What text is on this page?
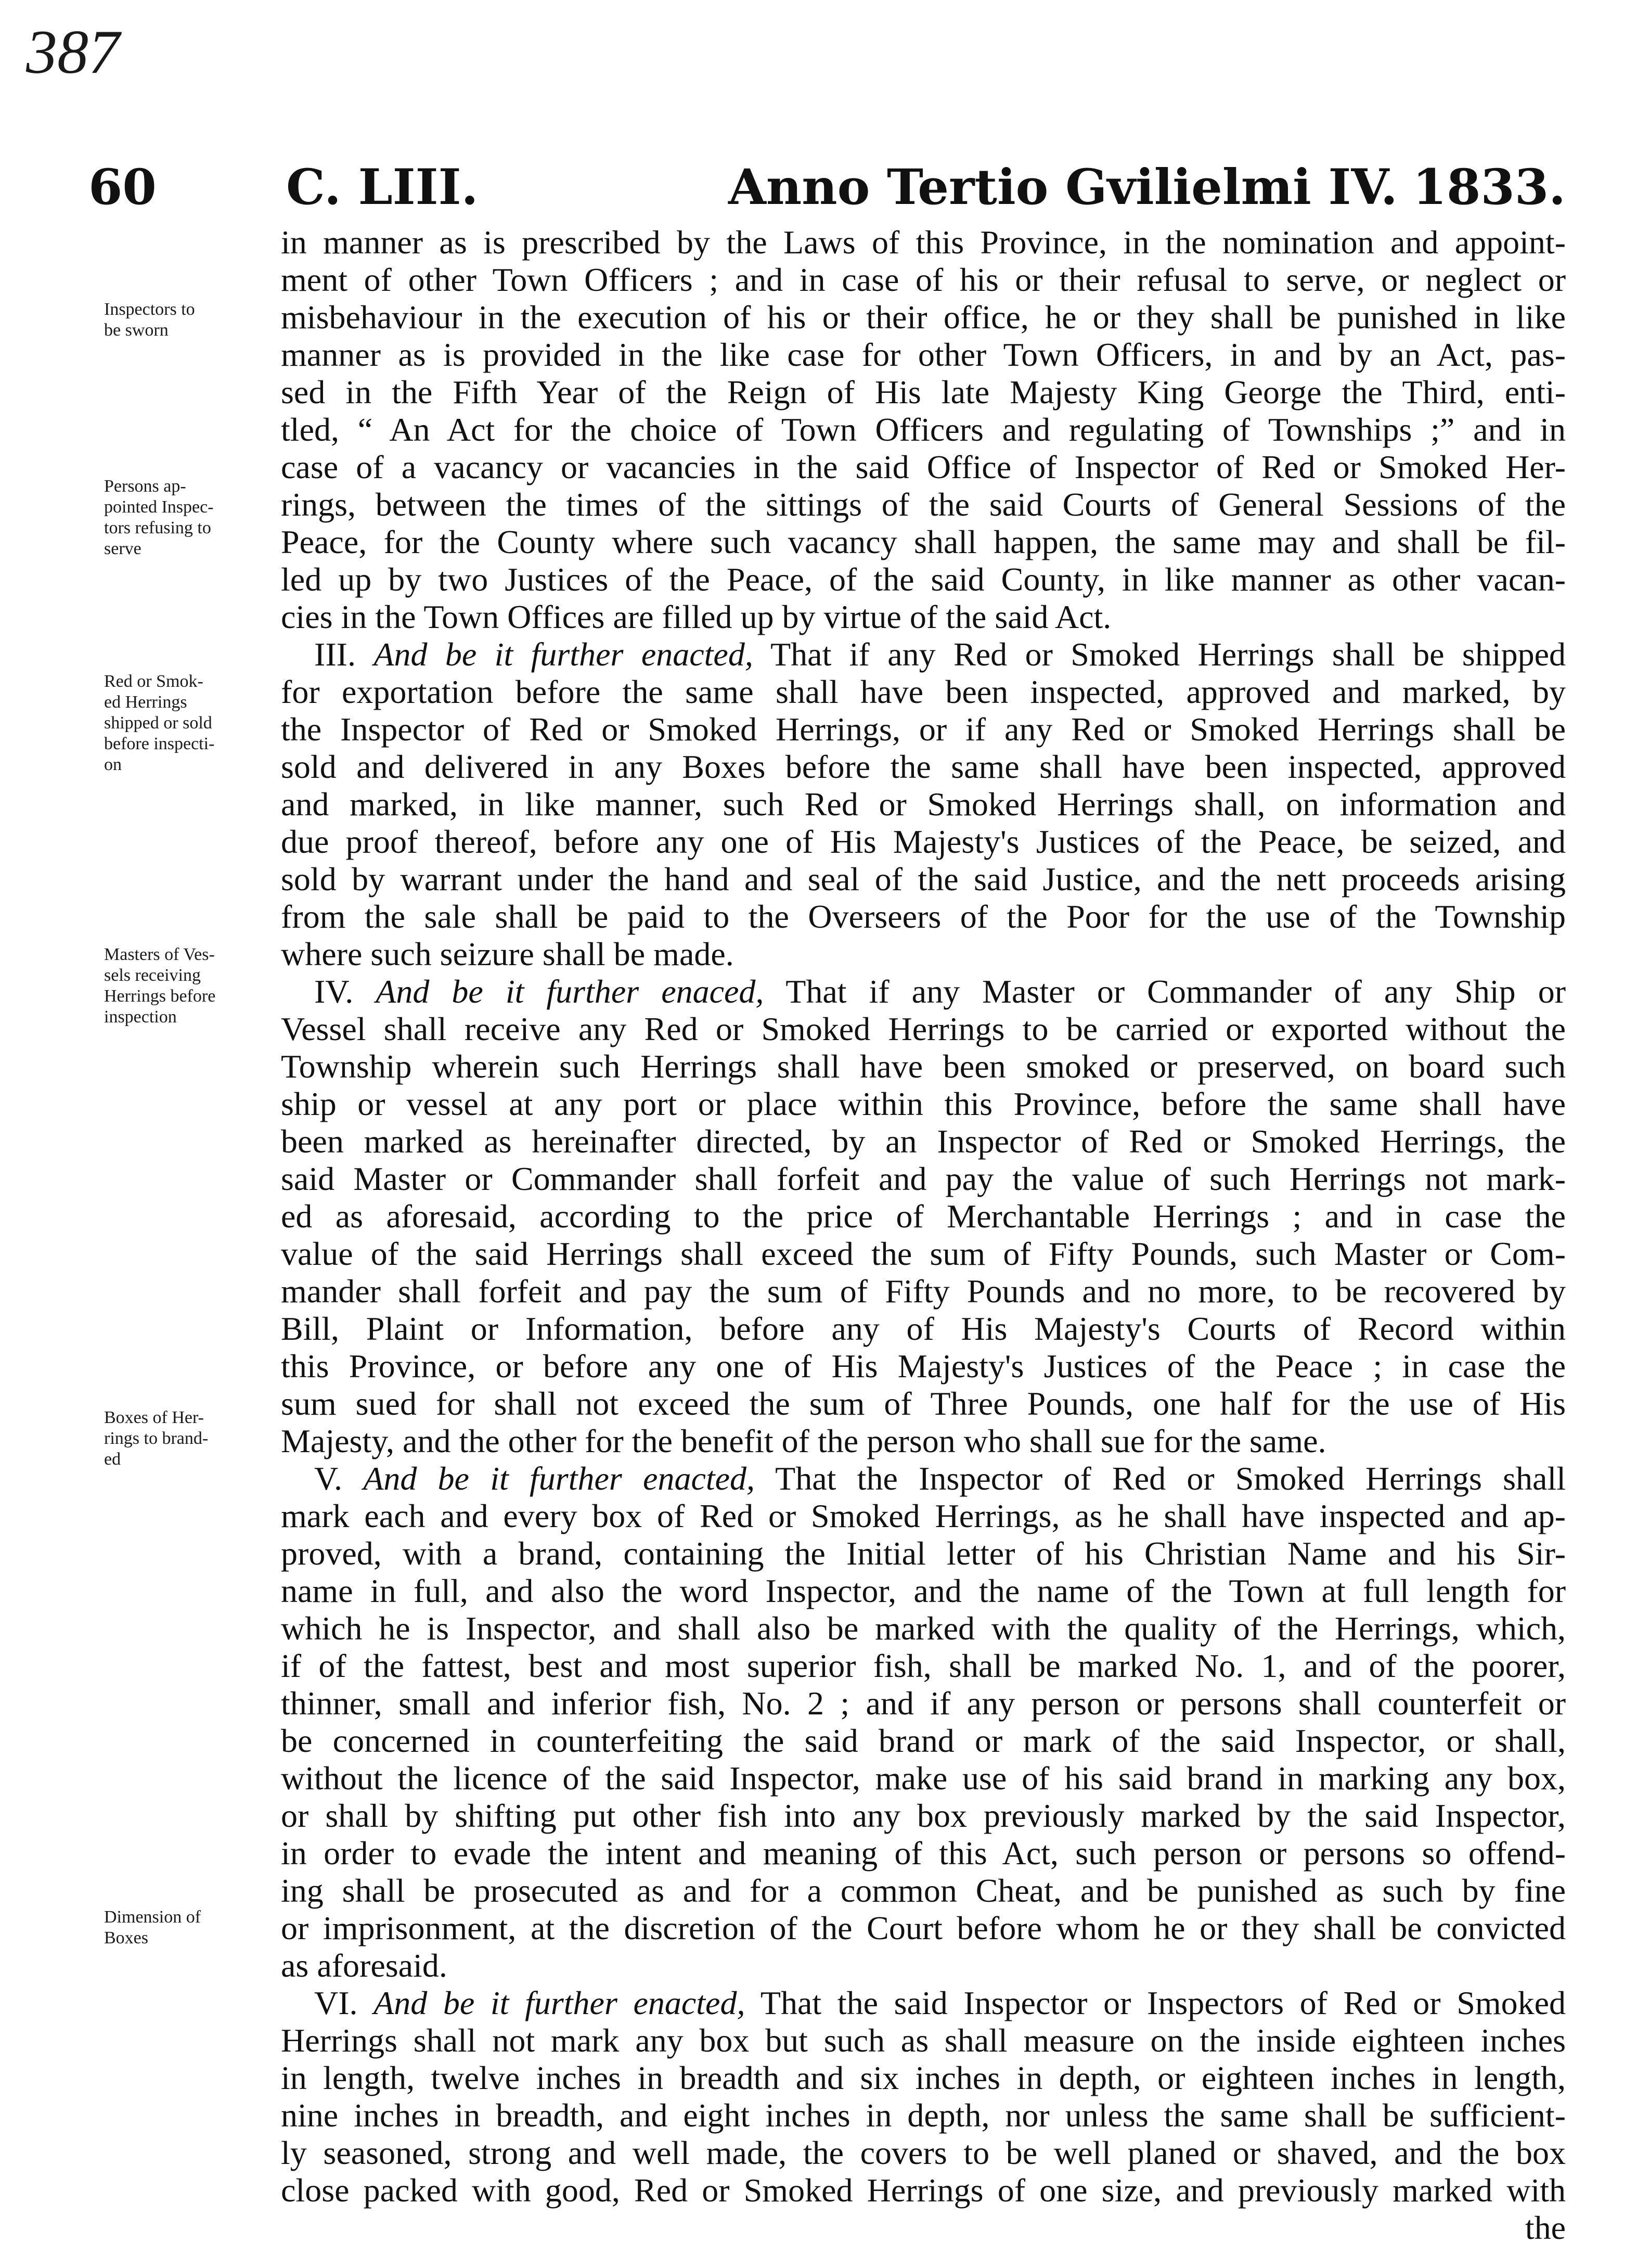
387
60	C. LIII.	Anno Tertio Gvilielmi IV. 1833.
Inspectors to
be sworn
Persons ap-
pointed Inspec-
tors refusing to
serve
Red or Smok-
ed Herrings
shipped or sold
before inspecti-
on
Masters of Ves-
sels receiving
Herrings before
inspection
Boxes of Her-
rings to brand-
ed
Dimension of
Boxes
in manner as is prescribed by the Laws of this Province, in the nomination and appoint-
ment of other Town Officers ; and in case of his or their refusal to serve, or neglect or
misbehaviour in the execution of his or their office, he or they shall be punished in like
manner as is provided in the like case for other Town Officers, in and by an Act, pas-
sed in the Fifth Year of the Reign of His late Majesty King George the Third, enti-
tled, “ An Act for the choice of Town Officers and regulating of Townships ;” and in
case of a vacancy or vacancies in the said Office of Inspector of Red or Smoked Her-
rings, between the times of the sittings of the said Courts of General Sessions of the
Peace, for the County where such vacancy shall happen, the same may and shall be fil-
led up by two Justices of the Peace, of the said County, in like manner as other vacan-
cies in the Town Offices are filled up by virtue of the said Act.
 III. And be it further enacted, That if any Red or Smoked Herrings shall be shipped
for exportation before the same shall have been inspected, approved and marked, by
the Inspector of Red or Smoked Herrings, or if any Red or Smoked Herrings shall be
sold and delivered in any Boxes before the same shall have been inspected, approved
and marked, in like manner, such Red or Smoked Herrings shall, on information and
due proof thereof, before any one of His Majesty's Justices of the Peace, be seized, and
sold by warrant under the hand and seal of the said Justice, and the nett proceeds arising
from the sale shall be paid to the Overseers of the Poor for the use of the Township
where such seizure shall be made.
 IV. And be it further enaced, That if any Master or Commander of any Ship or
Vessel shall receive any Red or Smoked Herrings to be carried or exported without the
Township wherein such Herrings shall have been smoked or preserved, on board such
ship or vessel at any port or place within this Province, before the same shall have
been marked as hereinafter directed, by an Inspector of Red or Smoked Herrings, the
said Master or Commander shall forfeit and pay the value of such Herrings not mark-
ed as aforesaid, according to the price of Merchantable Herrings ; and in case the
value of the said Herrings shall exceed the sum of Fifty Pounds, such Master or Com-
mander shall forfeit and pay the sum of Fifty Pounds and no more, to be recovered by
Bill, Plaint or Information, before any of His Majesty's Courts of Record within
this Province, or before any one of His Majesty's Justices of the Peace ; in case the
sum sued for shall not exceed the sum of Three Pounds, one half for the use of His
Majesty, and the other for the benefit of the person who shall sue for the same.
 V. And be it further enacted, That the Inspector of Red or Smoked Herrings shall
mark each and every box of Red or Smoked Herrings, as he shall have inspected and ap-
proved, with a brand, containing the Initial letter of his Christian Name and his Sir-
name in full, and also the word Inspector, and the name of the Town at full length for
which he is Inspector, and shall also be marked with the quality of the Herrings, which,
if of the fattest, best and most superior fish, shall be marked No. 1, and of the poorer,
thinner, small and inferior fish, No. 2 ; and if any person or persons shall counterfeit or
be concerned in counterfeiting the said brand or mark of the said Inspector, or shall,
without the licence of the said Inspector, make use of his said brand in marking any box,
or shall by shifting put other fish into any box previously marked by the said Inspector,
in order to evade the intent and meaning of this Act, such person or persons so offend-
ing shall be prosecuted as and for a common Cheat, and be punished as such by fine
or imprisonment, at the discretion of the Court before whom he or they shall be convicted
as aforesaid.
 VI. And be it further enacted, That the said Inspector or Inspectors of Red or Smoked
Herrings shall not mark any box but such as shall measure on the inside eighteen inches
in length, twelve inches in breadth and six inches in depth, or eighteen inches in length,
nine inches in breadth, and eight inches in depth, nor unless the same shall be sufficient-
ly seasoned, strong and well made, the covers to be well planed or shaved, and the box
close packed with good, Red or Smoked Herrings of one size, and previously marked with
the
